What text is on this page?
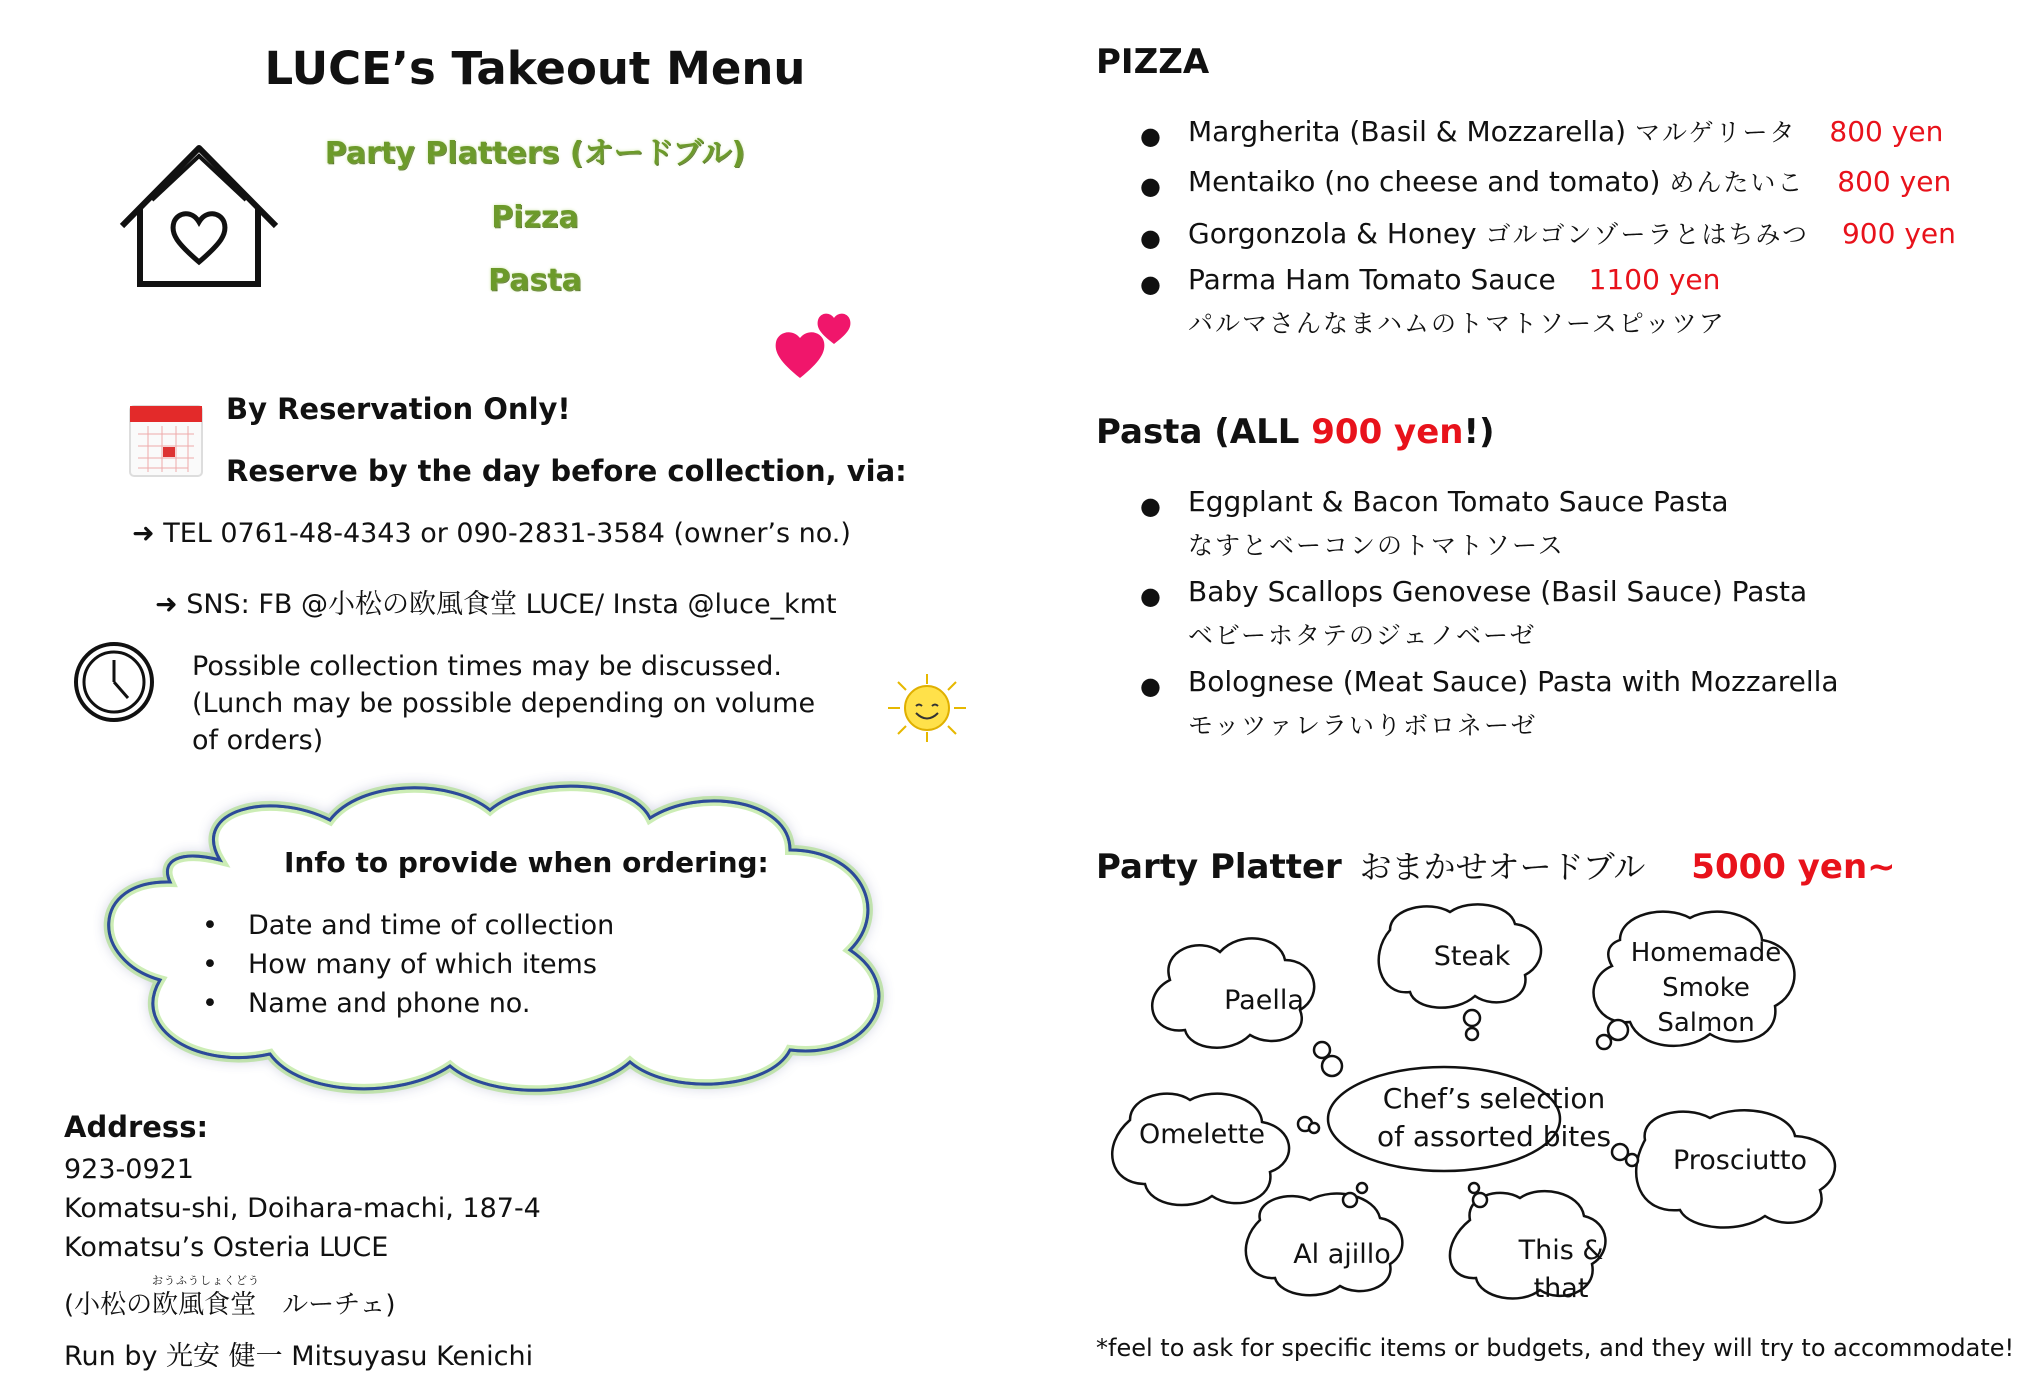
LUCE’s Takeout Menu
Party Platters (オードブル)
Pizza
Pasta
By Reservation Only!
Reserve by the day before collection, via:
➜ TEL 0761-48-4343 or 090-2831-3584 (owner’s no.)
➜ SNS: FB @小松の欧風食堂 LUCE/ Insta @luce_kmt
Possible collection times may be discussed.
(Lunch may be possible depending on volume
of orders)
Info to provide when ordering:
• Date and time of collection
• How many of which items
• Name and phone no.
Address:
923-0921
Komatsu-shi, Doihara-machi, 187-4
Komatsu’s Osteria LUCE
おうふうしょくどう
(小松の欧風食堂　ルーチェ)
Run by 光安 健一 Mitsuyasu Kenichi
PIZZA
● Margherita (Basil & Mozzarella) マルゲリータ 800 yen
● Mentaiko (no cheese and tomato) めんたいこ 800 yen
● Gorgonzola & Honey ゴルゴンゾーラとはちみつ 900 yen
● Parma Ham Tomato Sauce 1100 yen
パルマさんなまハムのトマトソースピッツア
Pasta (ALL 900 yen!)
● Eggplant & Bacon Tomato Sauce Pasta
なすとベーコンのトマトソース
● Baby Scallops Genovese (Basil Sauce) Pasta
ベビーホタテのジェノベーゼ
● Bolognese (Meat Sauce) Pasta with Mozzarella
モッツァレラいりボロネーゼ
Party Platter おまかせオードブル 5000 yen~
Chef’s selection
of assorted bites
Paella
Steak	Homemade
Smoke
Salmon
Omelette
Prosciutto
Al ajillo	This &
that
*feel to ask for specific items or budgets, and they will try to accommodate!
